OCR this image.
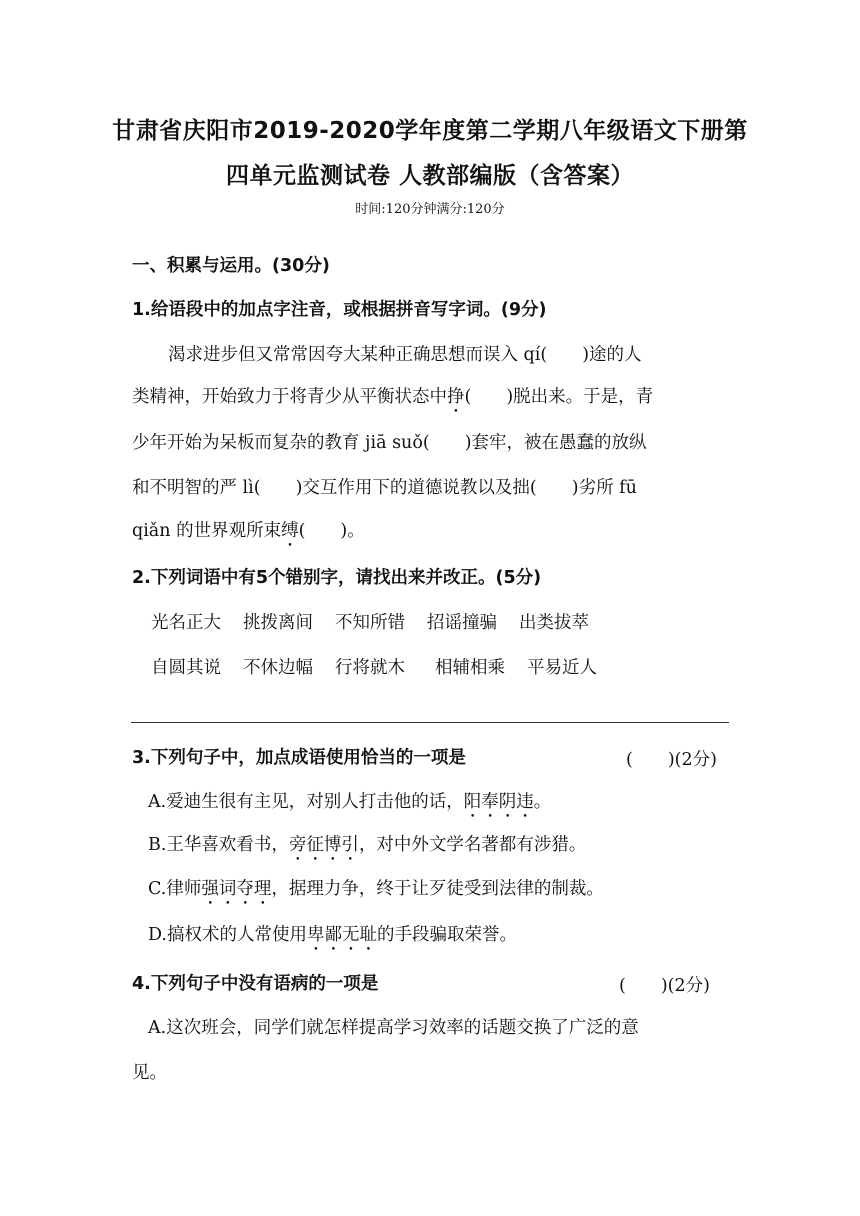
甘肃省庆阳市2019-2020学年度第二学期八年级语文下册第
四单元监测试卷 人教部编版（含答案）
时间:120分钟满分:120分
一、积累与运用。(30分)
1.给语段中的加点字注音，或根据拼音写字词。(9分)
渴求进步但又常常因夸大某种正确思想而误入 qí(　　)途的人
类精神，开始致力于将青少从平衡状态中挣(　　)脱出来。于是，青
少年开始为呆板而复杂的教育 jiā suǒ(　　)套牢，被在愚蠢的放纵
和不明智的严 lì(　　)交互作用下的道德说教以及拙(　　)劣所 fū
qiǎn 的世界观所束缚(　　)。
2.下列词语中有5个错别字，请找出来并改正。(5分)
光名正大 挑拨离间 不知所错 招谣撞骗 出类拔萃
自圆其说 不休边幅 行将就木 相辅相乘 平易近人
3.下列句子中，加点成语使用恰当的一项是	(　　)(2分)
A.爱迪生很有主见，对别人打击他的话，阳奉阴违。
B.王华喜欢看书，旁征博引，对中外文学名著都有涉猎。
C.律师强词夺理，据理力争，终于让歹徒受到法律的制裁。
D.搞权术的人常使用卑鄙无耻的手段骗取荣誉。
4.下列句子中没有语病的一项是	(　　)(2分)
A.这次班会，同学们就怎样提高学习效率的话题交换了广泛的意
见。
